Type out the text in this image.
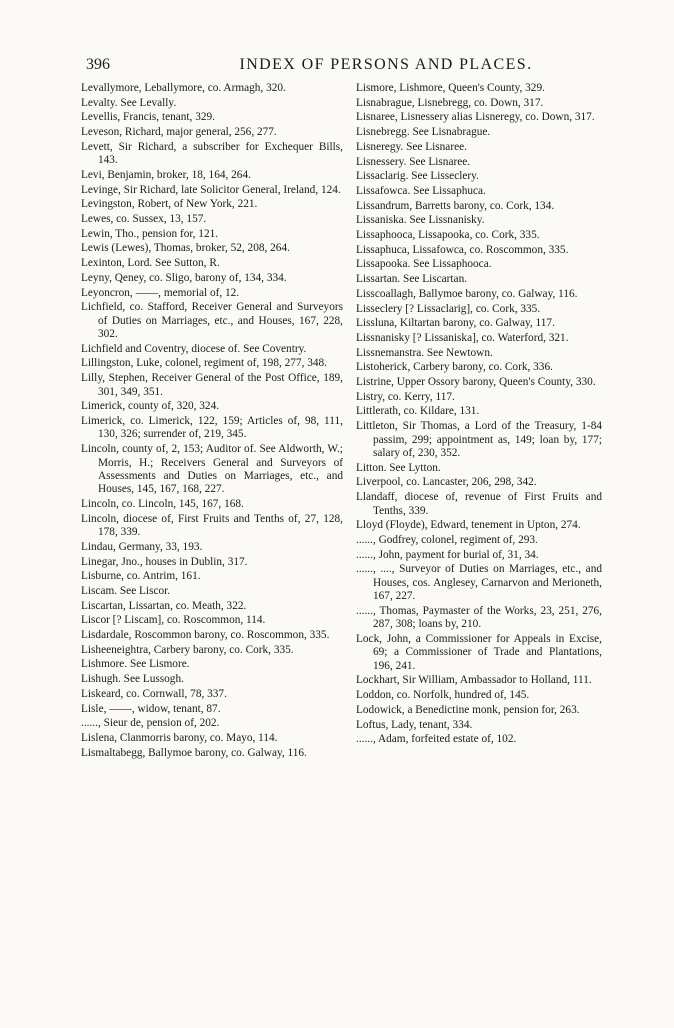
396	INDEX OF PERSONS AND PLACES.

Levallymore, Leballymore, co. Armagh, 320.

Levalty. See Levally.

Levellis, Francis, tenant, 329.

Leveson, Richard, major general, 256, 277.

Levett, Sir Richard, a subscriber for Exchequer Bills, 143.

Levi, Benjamin, broker, 18, 164, 264.

Levinge, Sir Richard, late Solicitor General, Ireland, 124.

Levingston, Robert, of New York, 221.

Lewes, co. Sussex, 13, 157.

Lewin, Tho., pension for, 121.

Lewis (Lewes), Thomas, broker, 52, 208, 264.

Lexinton, Lord. See Sutton, R.

Leyny, Qeney, co. Sligo, barony of, 134, 334.

Leyoncron, ——, memorial of, 12.

Lichfield, co. Stafford, Receiver General and Surveyors of Duties on Marriages, etc., and Houses, 167, 228, 302.

Lichfield and Coventry, diocese of. See Coventry.

Lillingston, Luke, colonel, regiment of, 198, 277, 348.

Lilly, Stephen, Receiver General of the Post Office, 189, 301, 349, 351.

Limerick, county of, 320, 324.

Limerick, co. Limerick, 122, 159; Articles of, 98, 111, 130, 326; surrender of, 219, 345.

Lincoln, county of, 2, 153; Auditor of. See Aldworth, W.; Morris, H.; Receivers General and Surveyors of Assessments and Duties on Marriages, etc., and Houses, 145, 167, 168, 227.

Lincoln, co. Lincoln, 145, 167, 168.

Lincoln, diocese of, First Fruits and Tenths of, 27, 128, 178, 339.

Lindau, Germany, 33, 193.

Linegar, Jno., houses in Dublin, 317.

Lisburne, co. Antrim, 161.

Liscam. See Liscor.

Liscartan, Lissartan, co. Meath, 322.

Liscor [? Liscam], co. Roscommon, 114.

Lisdardale, Roscommon barony, co. Roscommon, 335.

Lisheeneightra, Carbery barony, co. Cork, 335.

Lishmore. See Lismore.

Lishugh. See Lussogh.

Liskeard, co. Cornwall, 78, 337.

Lisle, ——, widow, tenant, 87.

......, Sieur de, pension of, 202.

Lislena, Clanmorris barony, co. Mayo, 114.

Lismaltabegg, Ballymoe barony, co. Galway, 116.

Lismore, Lishmore, Queen's County, 329.

Lisnabrague, Lisnebregg, co. Down, 317.

Lisnaree, Lisnessery alias Lisneregy, co. Down, 317.

Lisnebregg. See Lisnabrague.

Lisneregy. See Lisnaree.

Lisnessery. See Lisnaree.

Lissaclarig. See Lisseclery.

Lissafowca. See Lissaphuca.

Lissandrum, Barretts barony, co. Cork, 134.

Lissaniska. See Lissnanisky.

Lissaphooca, Lissapooka, co. Cork, 335.

Lissaphuca, Lissafowca, co. Roscommon, 335.

Lissapooka. See Lissaphooca.

Lissartan. See Liscartan.

Lisscoallagh, Ballymoe barony, co. Galway, 116.

Lisseclery [? Lissaclarig], co. Cork, 335.

Lissluna, Kiltartan barony, co. Galway, 117.

Lissnanisky [? Lissaniska], co. Waterford, 321.

Lissnemanstra. See Newtown.

Listoherick, Carbery barony, co. Cork, 336.

Listrine, Upper Ossory barony, Queen's County, 330.

Listry, co. Kerry, 117.

Littlerath, co. Kildare, 131.

Littleton, Sir Thomas, a Lord of the Treasury, 1-84 passim, 299; appointment as, 149; loan by, 177; salary of, 230, 352.

Litton. See Lytton.

Liverpool, co. Lancaster, 206, 298, 342.

Llandaff, diocese of, revenue of First Fruits and Tenths, 339.

Lloyd (Floyde), Edward, tenement in Upton, 274.

......, Godfrey, colonel, regiment of, 293.

......, John, payment for burial of, 31, 34.

......, ...., Surveyor of Duties on Marriages, etc., and Houses, cos. Anglesey, Carnarvon and Merioneth, 167, 227.

......, Thomas, Paymaster of the Works, 23, 251, 276, 287, 308; loans by, 210.

Lock, John, a Commissioner for Appeals in Excise, 69; a Commissioner of Trade and Plantations, 196, 241.

Lockhart, Sir William, Ambassador to Holland, 111.

Loddon, co. Norfolk, hundred of, 145.

Lodowick, a Benedictine monk, pension for, 263.

Loftus, Lady, tenant, 334.

......, Adam, forfeited estate of, 102.
